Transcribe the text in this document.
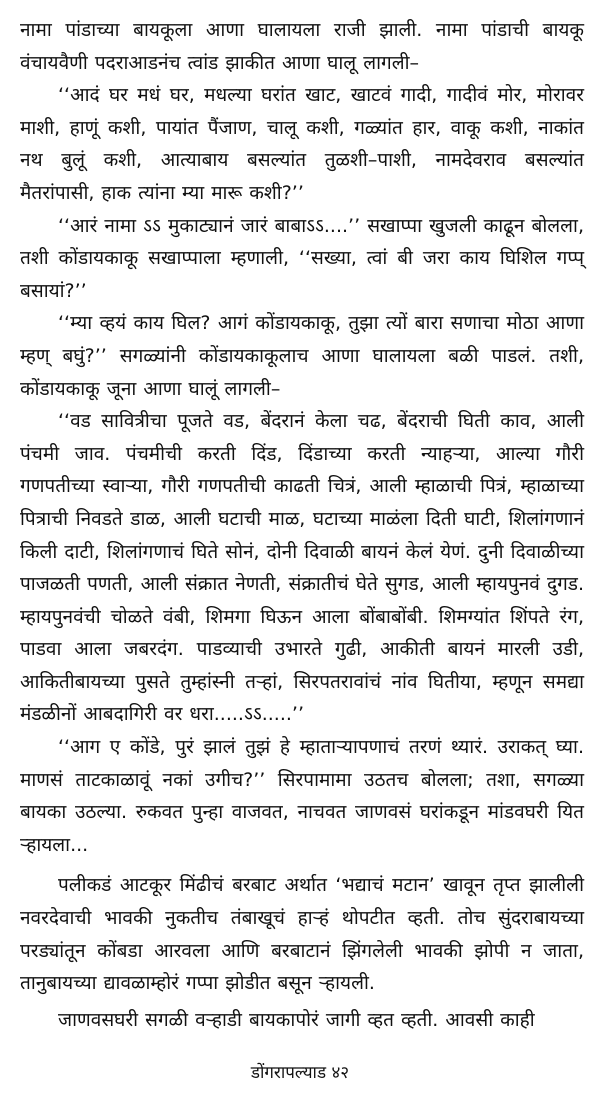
नामा पांडाच्या बायकूला आणा घालायला राजी झाली. नामा पांडाची बायकू वंचायवैणी पदराआडनंच त्वांड झाकीत आणा घालू लागली–

‘‘आदं घर मधं घर, मधल्या घरांत खाट, खाटवं गादी, गादीवं मोर, मोरावर माशी, हाणूं कशी, पायांत पैंजाण, चालू कशी, गळ्यांत हार, वाकू कशी, नाकांत नथ बुलूं कशी, आत्याबाय बसल्यांत तुळशी–पाशी, नामदेवराव बसल्यांत मैतरांपासी, हाक त्यांना म्या मारू कशी?’’

‘‘आरं नामा ऽऽ मुकाट्यानं जारं बाबाऽऽ....’’ सखाप्पा खुजली काढून बोलला, तशी कोंडायकाकू सखाप्पाला म्हणाली, ‘‘सख्या, त्वां बी जरा काय घिशिल गप्प् बसायां?’’

‘‘म्या व्हयं काय घिल? आगं कोंडायकाकू, तुझा त्यों बारा सणाचा मोठा आणा म्हण् बघुं?’’ सगळ्यांनी कोंडायकाकूलाच आणा घालायला बळी पाडलं. तशी, कोंडायकाकू जूना आणा घालूं लागली–

‘‘वड सावित्रीचा पूजते वड, बेंदरानं केला चढ, बेंदराची घिती काव, आली पंचमी जाव. पंचमीची करती दिंड, दिंडाच्या करती न्याहऱ्या, आल्या गौरी गणपतीच्या स्वाऱ्या, गौरी गणपतीची काढती चित्रं, आली म्हाळाची पित्रं, म्हाळाच्या पित्राची निवडते डाळ, आली घटाची माळ, घटाच्या माळंला दिती घाटी, शिलांगणानं किली दाटी, शिलांगणाचं घिते सोनं, दोनी दिवाळी बायनं केलं येणं. दुनी दिवाळीच्या पाजळती पणती, आली संक्रात नेणती, संक्रातीचं घेते सुगड, आली म्हायपुनवं दुगड. म्हायपुनवंची चोळते वंबी, शिमगा घिऊन आला बोंबाबोंबी. शिमग्यांत शिंपते रंग, पाडवा आला जबरदंग. पाडव्याची उभारते गुढी, आकीती बायनं मारली उडी, आकितीबायच्या पुसते तुम्हांस्नी तऱ्हां, सिरपतरावांचं नांव घितीया, म्हणून समद्या मंडळीनों आबदागिरी वर धरा.....ऽऽ.....’’

‘‘आग ए कोंडे, पुरं झालं तुझं हे म्हाताऱ्यापणाचं तरणं थ्यारं. उराकत् घ्या. माणसं ताटकाळावूं नकां उगीच?’’ सिरपामामा उठतच बोलला; तशा, सगळ्या बायका उठल्या. रुकवत पुन्हा वाजवत, नाचवत जाणवसं घरांकडून मांडवघरी यित ऱ्हायला...

पलीकडं आटकूर मिंढीचं बरबाट अर्थात ‘भद्याचं मटान’ खावून तृप्त झालीली नवरदेवाची भावकी नुकतीच तंबाखूचं हाऱ्हं थोपटीत व्हती. तोच सुंदराबायच्या परड्यांतून कोंबडा आरवला आणि बरबाटानं झिंगलेली भावकी झोपी न जाता, तानुबायच्या द्यावळाम्होरं गप्पा झोडीत बसून ऱ्हायली.

जाणवसघरी सगळी वऱ्हाडी बायकापोरं जागी व्हत व्हती. आवसी काही

डोंगरापल्याड ४२
